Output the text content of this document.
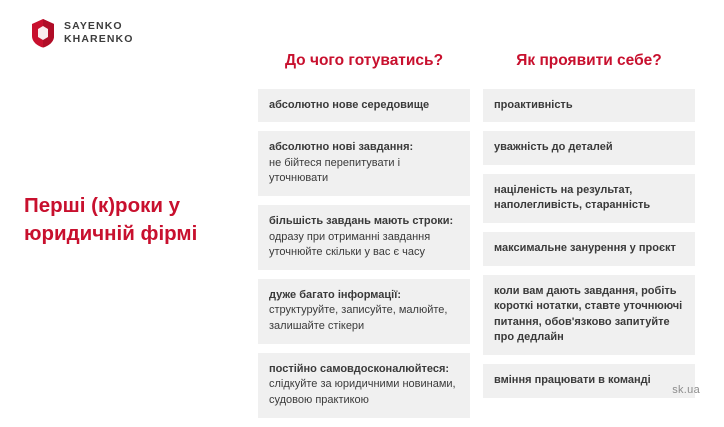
SAYENKO
KHARENKO
Перші (к)роки у юридичній фірмі
До чого готуватись?
абсолютно нове середовище
абсолютно нові завдання:
не бійтеся перепитувати і уточнювати
більшість завдань мають строки:
одразу при отриманні завдання уточнюйте скільки у вас є часу
дуже багато інформації:
структуруйте, записуйте, малюйте, залишайте стікери
постійно самовдосконалюйтеся:
слідкуйте за юридичними новинами, судовою практикою
Як проявити себе?
проактивність
уважність до деталей
націленість на результат, наполегливість, старанність
максимальне занурення у проєкт
коли вам дають завдання, робіть короткі нотатки, ставте уточнюючі питання, обов'язково запитуйте про дедлайн
вміння працювати в команді
sk.ua
